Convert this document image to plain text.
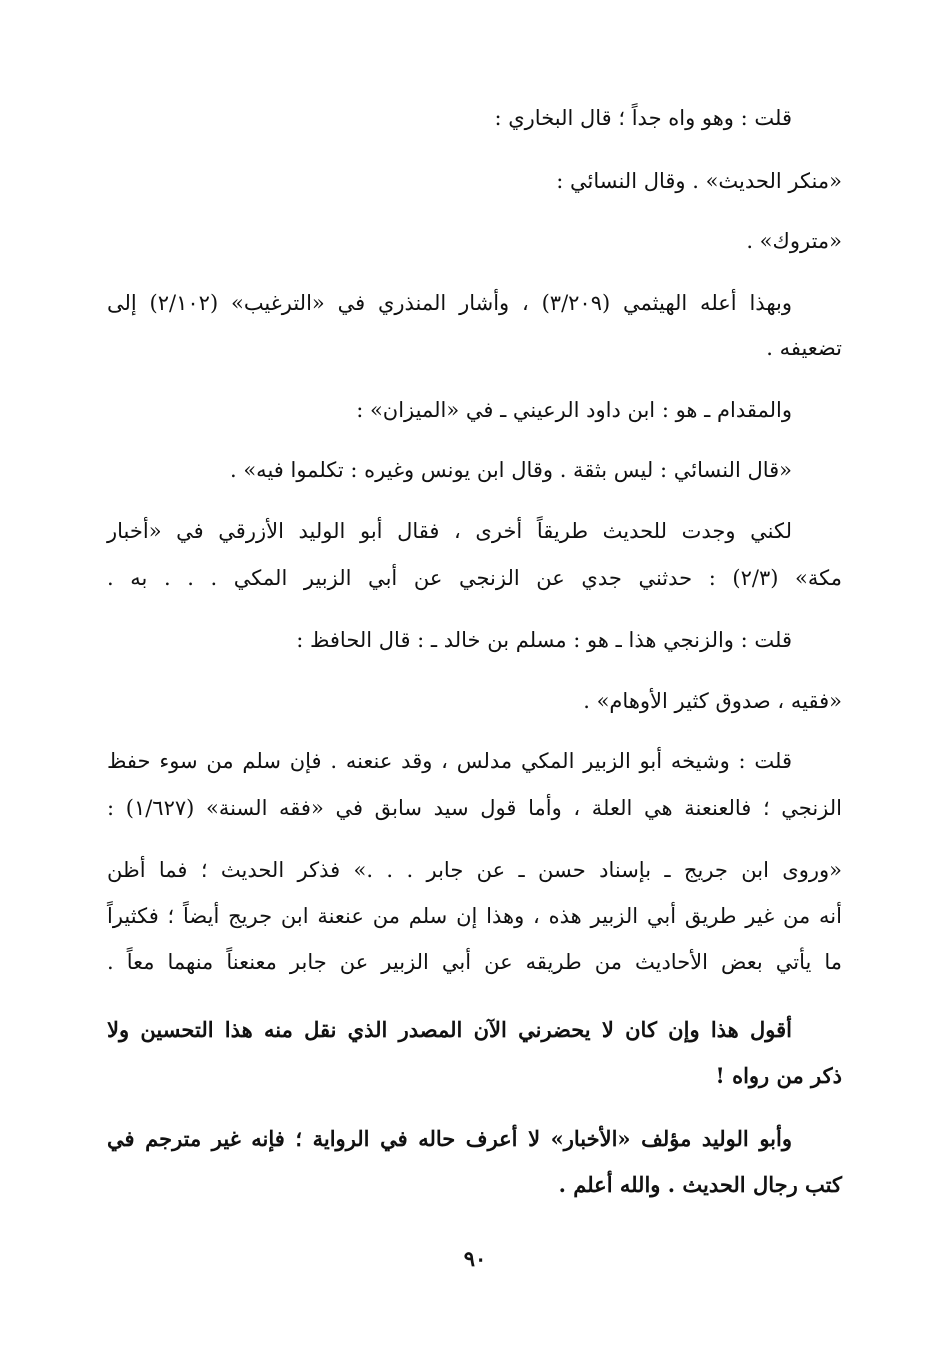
قلت : وهو واه جداً ؛ قال البخاري :
«منكر الحديث» . وقال النسائي :
«متروك» .
وبهذا أعله الهيثمي (٣/٢٠٩) ، وأشار المنذري في «الترغيب» (٢/١٠٢) إلى
تضعيفه .
والمقدام ـ هو : ابن داود الرعيني ـ في «الميزان» :
«قال النسائي : ليس بثقة . وقال ابن يونس وغيره : تكلموا فيه» .
لكني وجدت للحديث طريقاً أخرى ، فقال أبو الوليد الأزرقي في «أخبار
مكة» (٢/٣) : حدثني جدي عن الزنجي عن أبي الزبير المكي . . . به .
قلت : والزنجي هذا ـ هو : مسلم بن خالد ـ : قال الحافظ :
«فقيه ، صدوق كثير الأوهام» .
قلت : وشيخه أبو الزبير المكي مدلس ، وقد عنعنه . فإن سلم من سوء حفظ
الزنجي ؛ فالعنعنة هي العلة ، وأما قول سيد سابق في «فقه السنة» (١/٦٢٧) :
«وروى ابن جريج ـ بإسناد حسن ـ عن جابر . . .» فذكر الحديث ؛ فما أظن
أنه من غير طريق أبي الزبير هذه ، وهذا إن سلم من عنعنة ابن جريج أيضاً ؛ فكثيراً
ما يأتي بعض الأحاديث من طريقه عن أبي الزبير عن جابر معنعناً منهما معاً .
أقول هذا وإن كان لا يحضرني الآن المصدر الذي نقل منه هذا التحسين ولا
ذكر من رواه !
وأبو الوليد مؤلف «الأخبار» لا أعرف حاله في الرواية ؛ فإنه غير مترجم في
كتب رجال الحديث . والله أعلم .
٩٠
